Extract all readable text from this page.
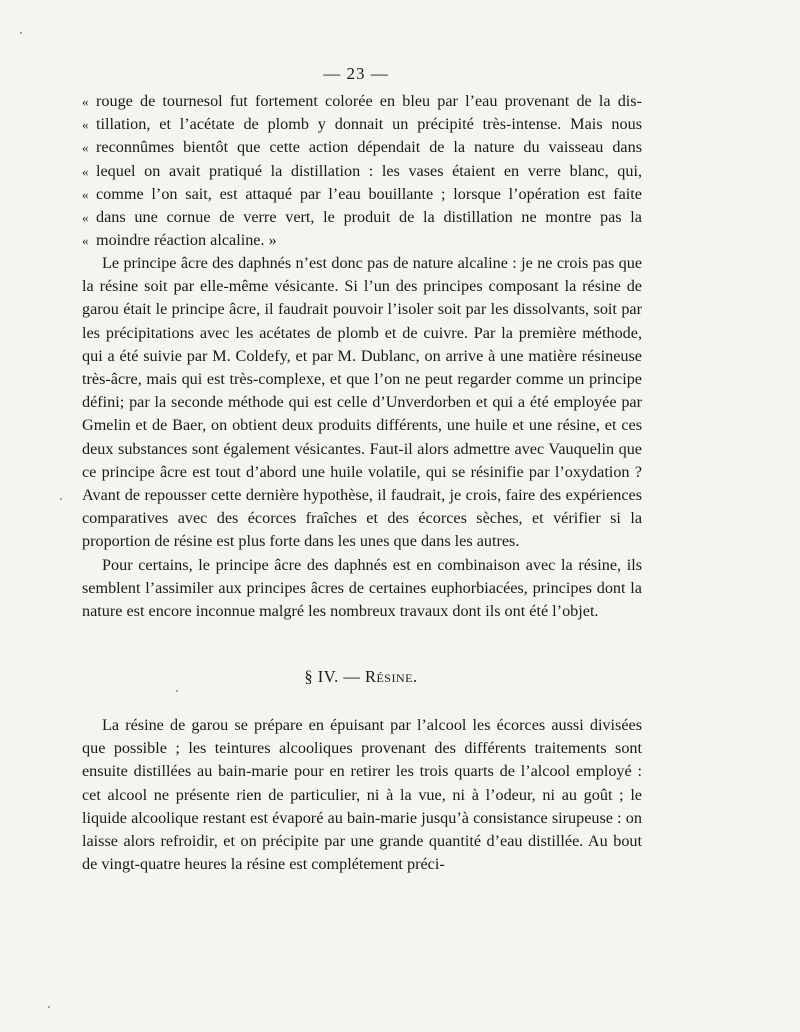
— 23 —
« rouge de tournesol fut fortement colorée en bleu par l’eau provenant de la dis-
« tillation, et l’acétate de plomb y donnait un précipité très-intense. Mais nous
« reconnûmes bientôt que cette action dépendait de la nature du vaisseau dans
« lequel on avait pratiqué la distillation : les vases étaient en verre blanc, qui,
« comme l’on sait, est attaqué par l’eau bouillante ; lorsque l’opération est faite
« dans une cornue de verre vert, le produit de la distillation ne montre pas la
« moindre réaction alcaline. »

Le principe âcre des daphnés n’est donc pas de nature alcaline : je ne crois pas que la résine soit par elle-même vésicante. Si l’un des principes composant la résine de garou était le principe âcre, il faudrait pouvoir l’isoler soit par les dissolvants, soit par les précipitations avec les acétates de plomb et de cuivre. Par la première méthode, qui a été suivie par M. Coldefy, et par M. Dublanc, on arrive à une matière résineuse très-âcre, mais qui est très-complexe, et que l’on ne peut regarder comme un principe défini; par la seconde méthode qui est celle d’Unverdorben et qui a été employée par Gmelin et de Baer, on obtient deux produits différents, une huile et une résine, et ces deux substances sont également vésicantes. Faut-il alors admettre avec Vauquelin que ce principe âcre est tout d’abord une huile volatile, qui se résinifie par l’oxydation ? Avant de repousser cette dernière hypothèse, il faudrait, je crois, faire des expériences comparatives avec des écorces fraîches et des écorces sèches, et vérifier si la proportion de résine est plus forte dans les unes que dans les autres.

Pour certains, le principe âcre des daphnés est en combinaison avec la résine, ils semblent l’assimiler aux principes âcres de certaines euphorbiacées, principes dont la nature est encore inconnue malgré les nombreux travaux dont ils ont été l’objet.

§ IV. — Résine.

La résine de garou se prépare en épuisant par l’alcool les écorces aussi divisées que possible ; les teintures alcooliques provenant des différents traitements sont ensuite distillées au bain-marie pour en retirer les trois quarts de l’alcool employé : cet alcool ne présente rien de particulier, ni à la vue, ni à l’odeur, ni au goût ; le liquide alcoolique restant est évaporé au bain-marie jusqu’à consistance sirupeuse : on laisse alors refroidir, et on précipite par une grande quantité d’eau distillée. Au bout de vingt-quatre heures la résine est complétement préci-
